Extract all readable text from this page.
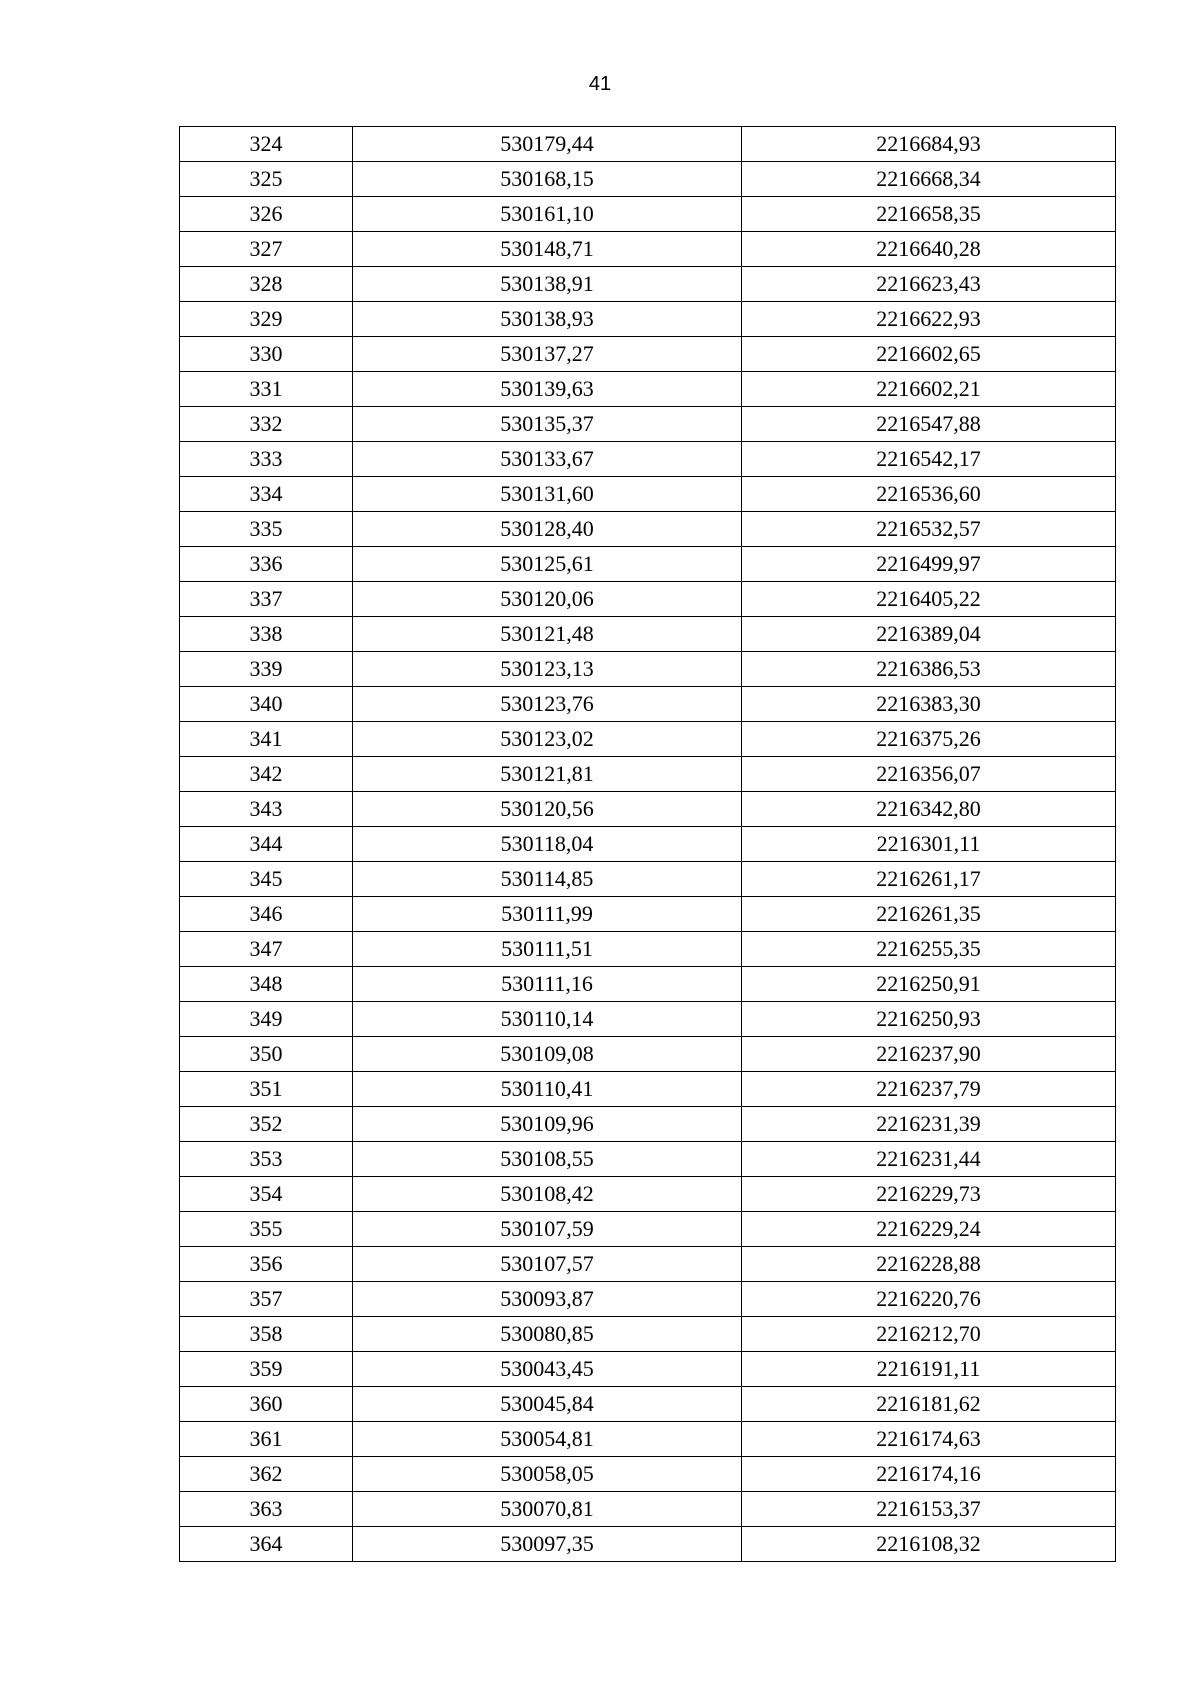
41
324	530179,44	2216684,93
325	530168,15	2216668,34
326	530161,10	2216658,35
327	530148,71	2216640,28
328	530138,91	2216623,43
329	530138,93	2216622,93
330	530137,27	2216602,65
331	530139,63	2216602,21
332	530135,37	2216547,88
333	530133,67	2216542,17
334	530131,60	2216536,60
335	530128,40	2216532,57
336	530125,61	2216499,97
337	530120,06	2216405,22
338	530121,48	2216389,04
339	530123,13	2216386,53
340	530123,76	2216383,30
341	530123,02	2216375,26
342	530121,81	2216356,07
343	530120,56	2216342,80
344	530118,04	2216301,11
345	530114,85	2216261,17
346	530111,99	2216261,35
347	530111,51	2216255,35
348	530111,16	2216250,91
349	530110,14	2216250,93
350	530109,08	2216237,90
351	530110,41	2216237,79
352	530109,96	2216231,39
353	530108,55	2216231,44
354	530108,42	2216229,73
355	530107,59	2216229,24
356	530107,57	2216228,88
357	530093,87	2216220,76
358	530080,85	2216212,70
359	530043,45	2216191,11
360	530045,84	2216181,62
361	530054,81	2216174,63
362	530058,05	2216174,16
363	530070,81	2216153,37
364	530097,35	2216108,32
